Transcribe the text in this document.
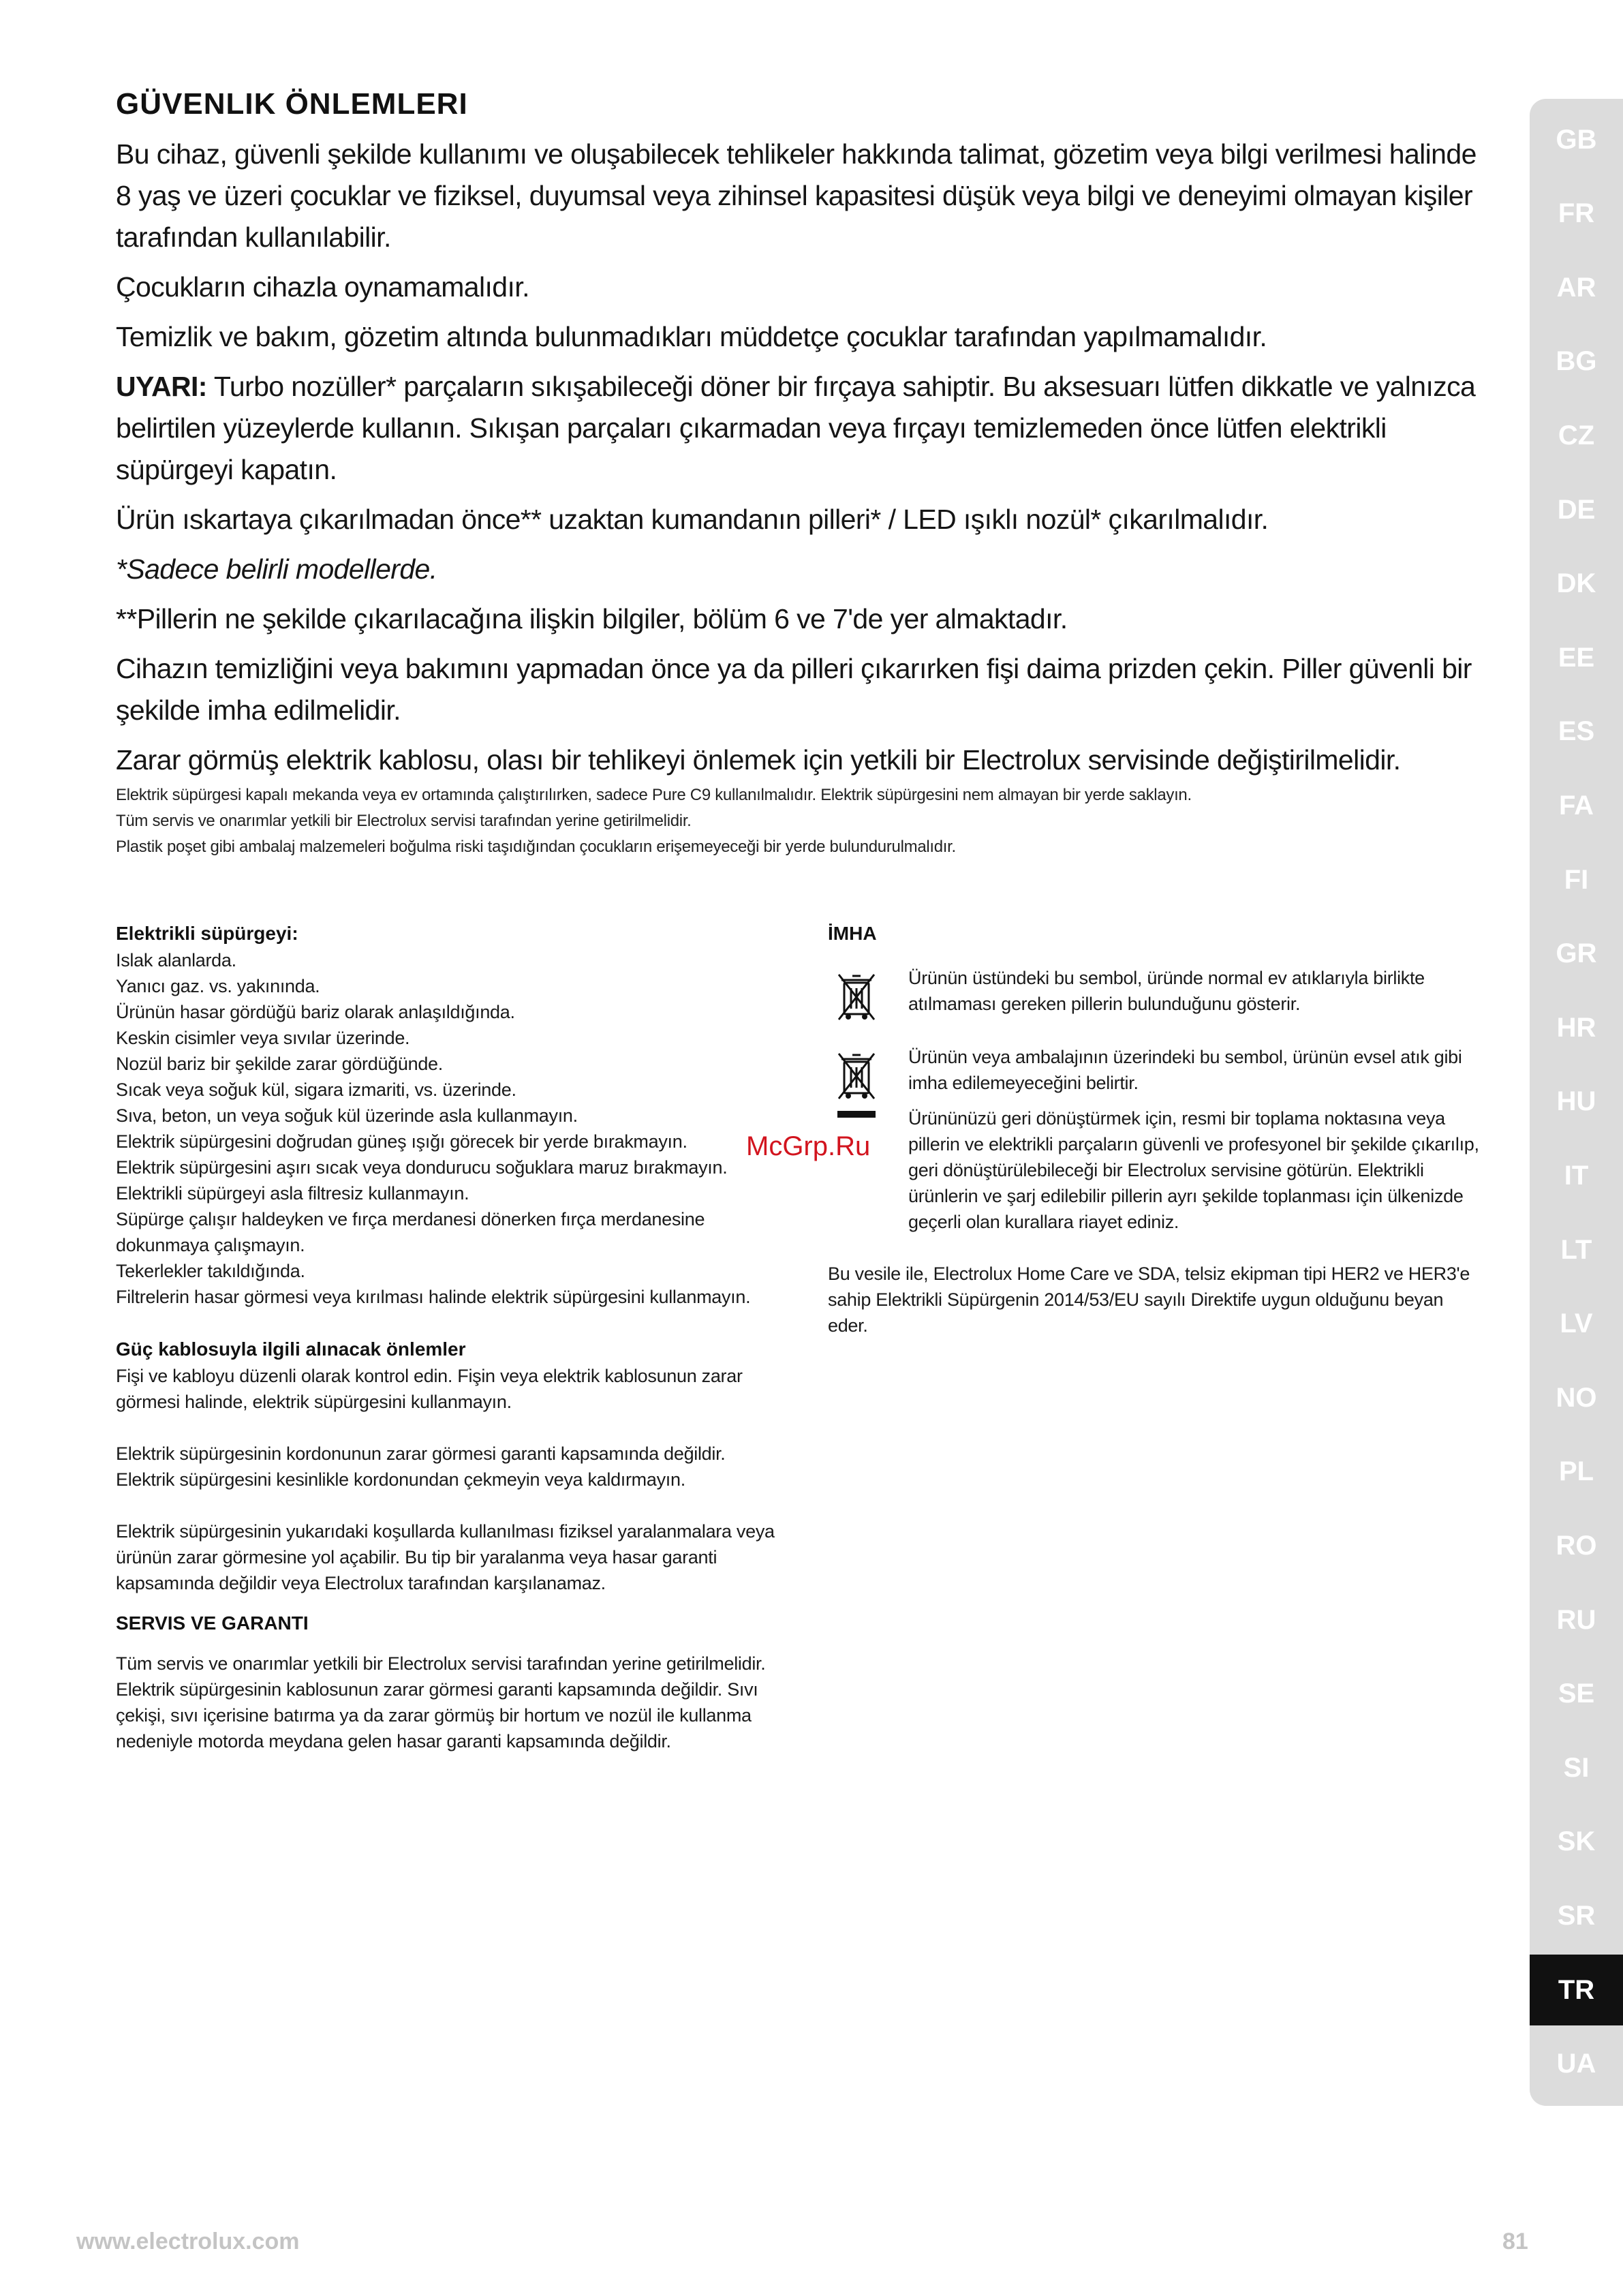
GÜVENLIK ÖNLEMLERI

Bu cihaz, güvenli şekilde kullanımı ve oluşabilecek tehlikeler hakkında talimat, gözetim veya bilgi verilmesi halinde 8 yaş ve üzeri çocuklar ve fiziksel, duyumsal veya zihinsel kapasitesi düşük veya bilgi ve deneyimi olmayan kişiler tarafından kullanılabilir.

Çocukların cihazla oynamamalıdır.

Temizlik ve bakım, gözetim altında bulunmadıkları müddetçe çocuklar tarafından yapılmamalıdır.

UYARI: Turbo nozüller* parçaların sıkışabileceği döner bir fırçaya sahiptir. Bu aksesuarı lütfen dikkatle ve yalnızca belirtilen yüzeylerde kullanın. Sıkışan parçaları çıkarmadan veya fırçayı temizlemeden önce lütfen elektrikli süpürgeyi kapatın.

Ürün ıskartaya çıkarılmadan önce** uzaktan kumandanın pilleri* / LED ışıklı nozül* çıkarılmalıdır.

*Sadece belirli modellerde.

**Pillerin ne şekilde çıkarılacağına ilişkin bilgiler, bölüm 6 ve 7'de yer almaktadır.

Cihazın temizliğini veya bakımını yapmadan önce ya da pilleri çıkarırken fişi daima prizden çekin. Piller güvenli bir şekilde imha edilmelidir.

Zarar görmüş elektrik kablosu, olası bir tehlikeyi önlemek için yetkili bir Electrolux servisinde değiştirilmelidir.

Elektrik süpürgesi kapalı mekanda veya ev ortamında çalıştırılırken, sadece Pure C9 kullanılmalıdır. Elektrik süpürgesini nem almayan bir yerde saklayın.

Tüm servis ve onarımlar yetkili bir Electrolux servisi tarafından yerine getirilmelidir.

Plastik poşet gibi ambalaj malzemeleri boğulma riski taşıdığından çocukların erişemeyeceği bir yerde bulundurulmalıdır.

Elektrikli süpürgeyi:
Islak alanlarda.
Yanıcı gaz. vs. yakınında.
Ürünün hasar gördüğü bariz olarak anlaşıldığında.
Keskin cisimler veya sıvılar üzerinde.
Nozül bariz bir şekilde zarar gördüğünde.
Sıcak veya soğuk kül, sigara izmariti, vs. üzerinde.
Sıva, beton, un veya soğuk kül üzerinde asla kullanmayın.
Elektrik süpürgesini doğrudan güneş ışığı görecek bir yerde bırakmayın.
Elektrik süpürgesini aşırı sıcak veya dondurucu soğuklara maruz bırakmayın.
Elektrikli süpürgeyi asla filtresiz kullanmayın.
Süpürge çalışır haldeyken ve fırça merdanesi dönerken fırça merdanesine dokunmaya çalışmayın.
Tekerlekler takıldığında.
Filtrelerin hasar görmesi veya kırılması halinde elektrik süpürgesini kullanmayın.
Güç kablosuyla ilgili alınacak önlemler

Fişi ve kabloyu düzenli olarak kontrol edin. Fişin veya elektrik kablosunun zarar görmesi halinde, elektrik süpürgesini kullanmayın.

Elektrik süpürgesinin kordonunun zarar görmesi garanti kapsamında değildir.

Elektrik süpürgesini kesinlikle kordonundan çekmeyin veya kaldırmayın.

Elektrik süpürgesinin yukarıdaki koşullarda kullanılması fiziksel yaralanmalara veya ürünün zarar görmesine yol açabilir. Bu tip bir yaralanma veya hasar garanti kapsamında değildir veya Electrolux tarafından karşılanamaz.

SERVIS VE GARANTI

Tüm servis ve onarımlar yetkili bir Electrolux servisi tarafından yerine getirilmelidir.

Elektrik süpürgesinin kablosunun zarar görmesi garanti kapsamında değildir. Sıvı çekişi, sıvı içerisine batırma ya da zarar görmüş bir hortum ve nozül ile kullanma nedeniyle motorda meydana gelen hasar garanti kapsamında değildir.

İMHA

Ürünün üstündeki bu sembol, üründe normal ev atıklarıyla birlikte atılmaması gereken pillerin bulunduğunu gösterir.

Ürünün veya ambalajının üzerindeki bu sembol, ürünün evsel atık gibi imha edilemeyeceğini belirtir.

Ürününüzü geri dönüştürmek için, resmi bir toplama noktasına veya pillerin ve elektrikli parçaların güvenli ve profesyonel bir şekilde çıkarılıp, geri dönüştürülebileceği bir Electrolux servisine götürün. Elektrikli ürünlerin ve şarj edilebilir pillerin ayrı şekilde toplanması için ülkenizde geçerli olan kurallara riayet ediniz.

Bu vesile ile, Electrolux Home Care ve SDA, telsiz ekipman tipi HER2 ve HER3'e sahip Elektrikli Süpürgenin 2014/53/EU sayılı Direktife uygun olduğunu beyan eder.

GB
FR
AR
BG
CZ
DE
DK
EE
ES
FA
FI
GR
HR
HU
IT
LT
LV
NO
PL
RO
RU
SE
SI
SK
SR
TR
UA
McGrp.Ru
www.electrolux.com	81
